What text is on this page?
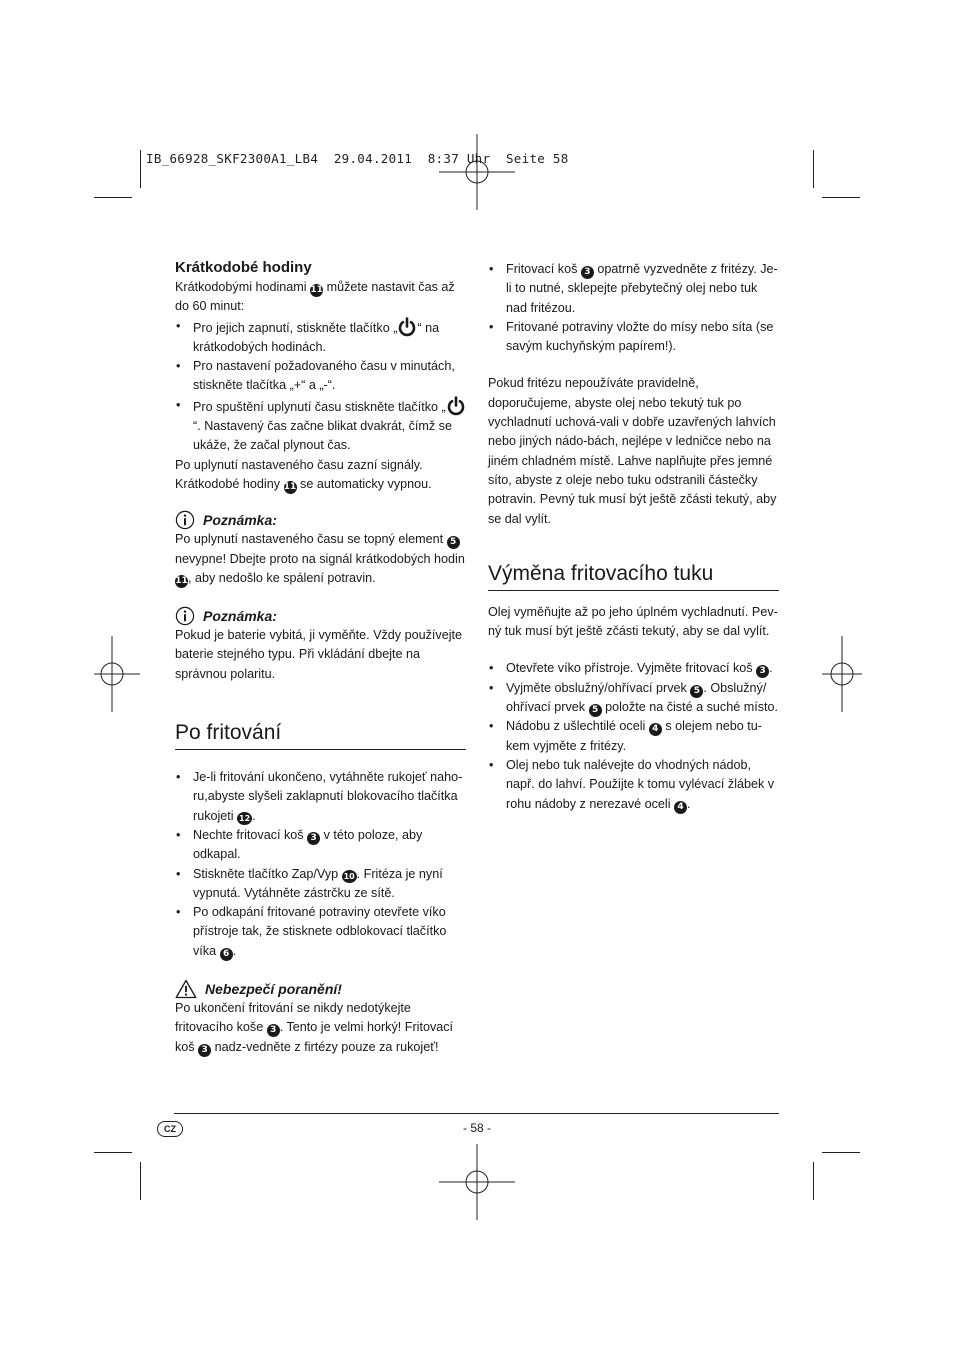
IB_66928_SKF2300A1_LB4  29.04.2011  8:37 Uhr  Seite 58
Krátkodobé hodiny

Krátkodobými hodinami 11 můžete nastavit čas až do 60 minut:

• Pro jejich zapnutí, stiskněte tlačítko „ “ na krátkodobých hodinách.
• Pro nastavení požadovaného času v minutách, stiskněte tlačítka „+“ a „-“.
• Pro spuštění uplynutí času stiskněte tlačítko „“. Nastavený čas začne blikat dvakrát, čímž se ukáže, že začal plynout čas.

Po uplynutí nastaveného času zazní signály.

Krátkodobé hodiny 11 se automaticky vypnou.

Poznámka:

Po uplynutí nastaveného času se topný element 5 nevypne! Dbejte proto na signál krátkodobých hodin 11, aby nedošlo ke spálení potravin.

Poznámka:

Pokud je baterie vybitá, ji vyměňte. Vždy používejte baterie stejného typu. Při vkládání dbejte na správnou polaritu.

Po fritování
• Je-li fritování ukončeno, vytáhněte rukojeť naho-ru,abyste slyšeli zaklapnutí blokovacího tlačítka rukojeti 12 .
• Nechte fritovací koš 3 v této poloze, aby odkapal.
• Stiskněte tlačítko Zap/Vyp 10 . Fritéza je nyní vypnutá. Vytáhněte zástrčku ze sítě.
• Po odkapání fritované potraviny otevřete víko přístroje tak, že stisknete odblokovací tlačítko víka 6 .
Nebezpečí poranění!

Po ukončení fritování se nikdy nedotýkejte fritovacího koše 3 . Tento je velmi horký! Fritovací koš 3 nadz-vedněte z firtézy pouze za rukojeť!

• Fritovací koš 3 opatrně vyzvedněte z fritézy. Je-li to nutné, sklepejte přebytečný olej nebo tuk nad fritézou.
• Fritované potraviny vložte do mísy nebo síta (se savým kuchyňským papírem!).

Pokud fritézu nepoužíváte pravidelně, doporučujeme, abyste olej nebo tekutý tuk po vychladnutí uchová-vali v dobře uzavřených lahvích nebo jiných nádo-bách, nejlépe v ledničce nebo na jiném chladném místě. Lahve naplňujte přes jemné síto, abyste z oleje nebo tuku odstranili částečky potravin. Pevný tuk musí být ještě zčásti tekutý, aby se dal vylít.

Výměna fritovacího tuku

Olej vyměňujte až po jeho úplném vychladnutí. Pev-ný tuk musí být ještě zčásti tekutý, aby se dal vylít.

• Otevřete víko přístroje. Vyjměte fritovací koš 3 .
• Vyjměte obslužný/ohřívací prvek 5 . Obslužný/ ohřívací prvek 5 položte na čisté a suché místo.
• Nádobu z ušlechtilé oceli 4 s olejem nebo tu-kem vyjměte z fritézy.
• Olej nebo tuk nalévejte do vhodných nádob, např. do lahví. Použijte k tomu vylévací žlábek v rohu nádoby z nerezavé oceli 4 .
CZ	- 58 -
